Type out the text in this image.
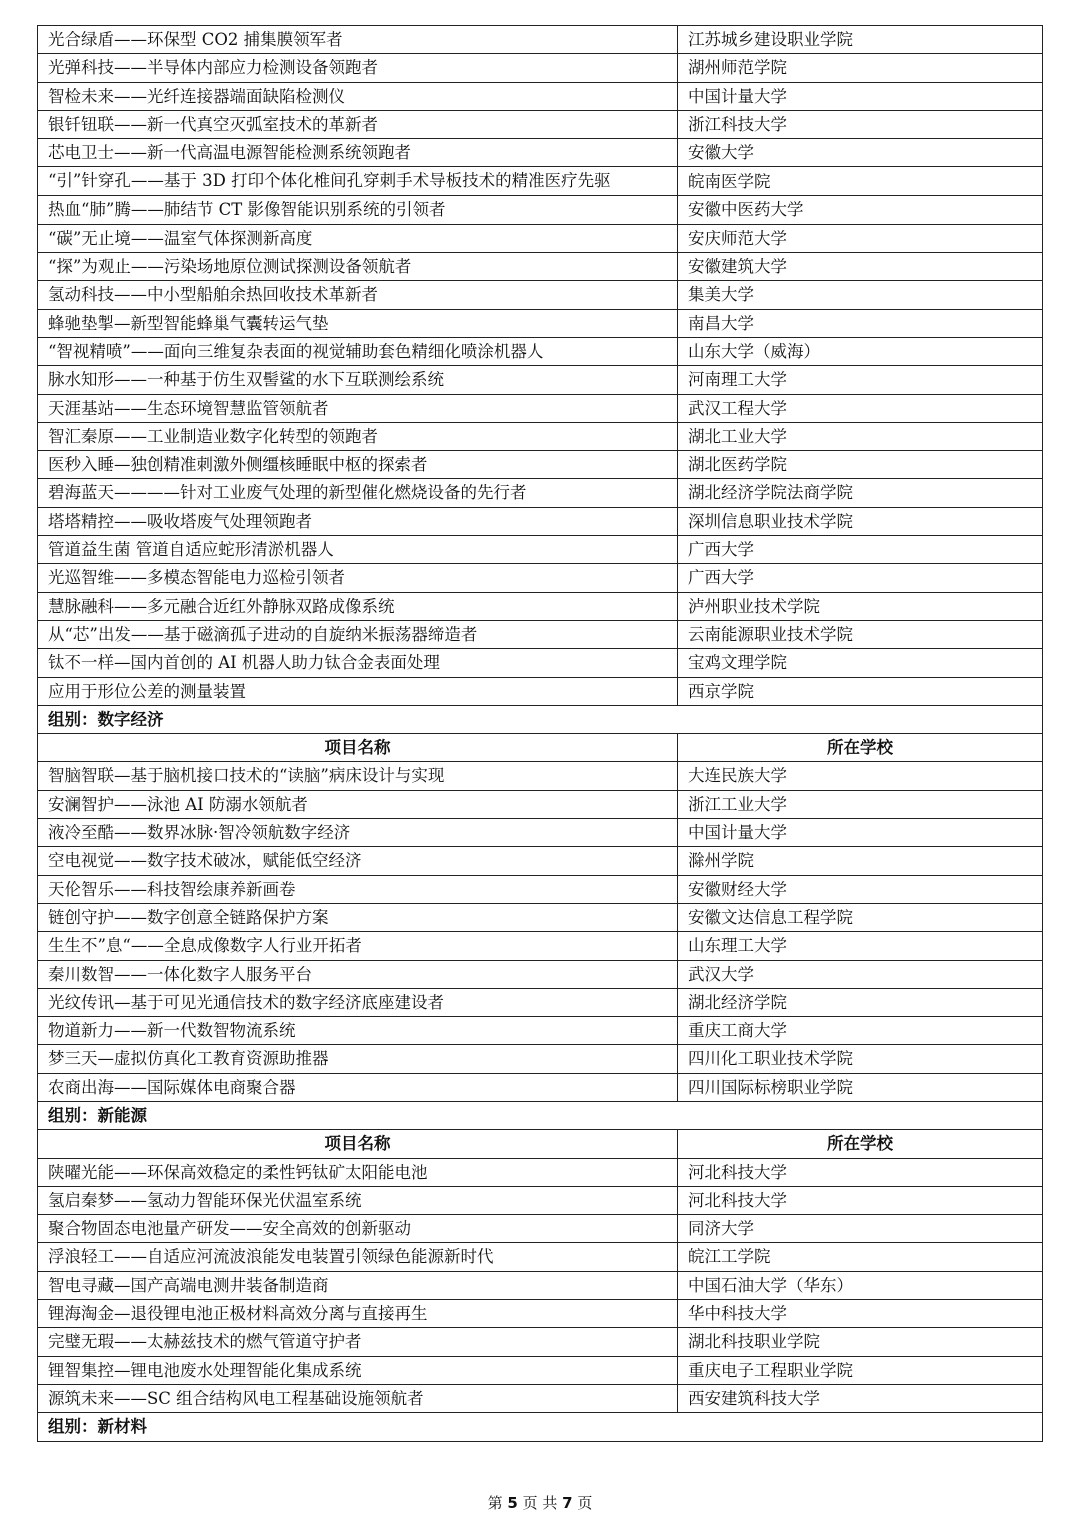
光合绿盾——环保型 CO2 捕集膜领军者	江苏城乡建设职业学院
光弹科技——半导体内部应力检测设备领跑者	湖州师范学院
智检未来——光纤连接器端面缺陷检测仪	中国计量大学
银钎钮联——新一代真空灭弧室技术的革新者	浙江科技大学
芯电卫士——新一代高温电源智能检测系统领跑者	安徽大学
“引”针穿孔——基于 3D 打印个体化椎间孔穿刺手术导板技术的精准医疗先驱	皖南医学院
热血“肺”腾——肺结节 CT 影像智能识别系统的引领者	安徽中医药大学
“碳”无止境——温室气体探测新高度	安庆师范大学
“探”为观止——污染场地原位测试探测设备领航者	安徽建筑大学
氢动科技——中小型船舶余热回收技术革新者	集美大学
蜂驰垫掣—新型智能蜂巢气囊转运气垫	南昌大学
“智视精喷”——面向三维复杂表面的视觉辅助套色精细化喷涂机器人	山东大学（威海）
脉水知形——一种基于仿生双髻鲨的水下互联测绘系统	河南理工大学
天涯基站——生态环境智慧监管领航者	武汉工程大学
智汇秦原——工业制造业数字化转型的领跑者	湖北工业大学
医秒入睡—独创精准刺激外侧缰核睡眠中枢的探索者	湖北医药学院
碧海蓝天————针对工业废气处理的新型催化燃烧设备的先行者	湖北经济学院法商学院
塔塔精控——吸收塔废气处理领跑者	深圳信息职业技术学院
管道益生菌 管道自适应蛇形清淤机器人	广西大学
光巡智维——多模态智能电力巡检引领者	广西大学
慧脉融科——多元融合近红外静脉双路成像系统	泸州职业技术学院
从“芯”出发——基于磁滴孤子进动的自旋纳米振荡器缔造者	云南能源职业技术学院
钛不一样—国内首创的 AI 机器人助力钛合金表面处理	宝鸡文理学院
应用于形位公差的测量装置	西京学院
组别：数字经济	
项目名称	所在学校
智脑智联—基于脑机接口技术的“读脑”病床设计与实现	大连民族大学
安澜智护——泳池 AI 防溺水领航者	浙江工业大学
液冷至酷——数界冰脉·智冷领航数字经济	中国计量大学
空电视觉——数字技术破冰，赋能低空经济	滁州学院
天伦智乐——科技智绘康养新画卷	安徽财经大学
链创守护——数字创意全链路保护方案	安徽文达信息工程学院
生生不”息“——全息成像数字人行业开拓者	山东理工大学
秦川数智——一体化数字人服务平台	武汉大学
光纹传讯—基于可见光通信技术的数字经济底座建设者	湖北经济学院
物道新力——新一代数智物流系统	重庆工商大学
梦三天—虚拟仿真化工教育资源助推器	四川化工职业技术学院
农商出海——国际媒体电商聚合器	四川国际标榜职业学院
组别：新能源	
项目名称	所在学校
陕曜光能——环保高效稳定的柔性钙钛矿太阳能电池	河北科技大学
氢启秦梦——氢动力智能环保光伏温室系统	河北科技大学
聚合物固态电池量产研发——安全高效的创新驱动	同济大学
浮浪轻工——自适应河流波浪能发电装置引领绿色能源新时代	皖江工学院
智电寻藏—国产高端电测井装备制造商	中国石油大学（华东）
锂海淘金—退役锂电池正极材料高效分离与直接再生	华中科技大学
完璧无瑕——太赫兹技术的燃气管道守护者	湖北科技职业学院
锂智集控—锂电池废水处理智能化集成系统	重庆电子工程职业学院
源筑未来——SC 组合结构风电工程基础设施领航者	西安建筑科技大学
组别：新材料	
第 5 页 共 7 页
